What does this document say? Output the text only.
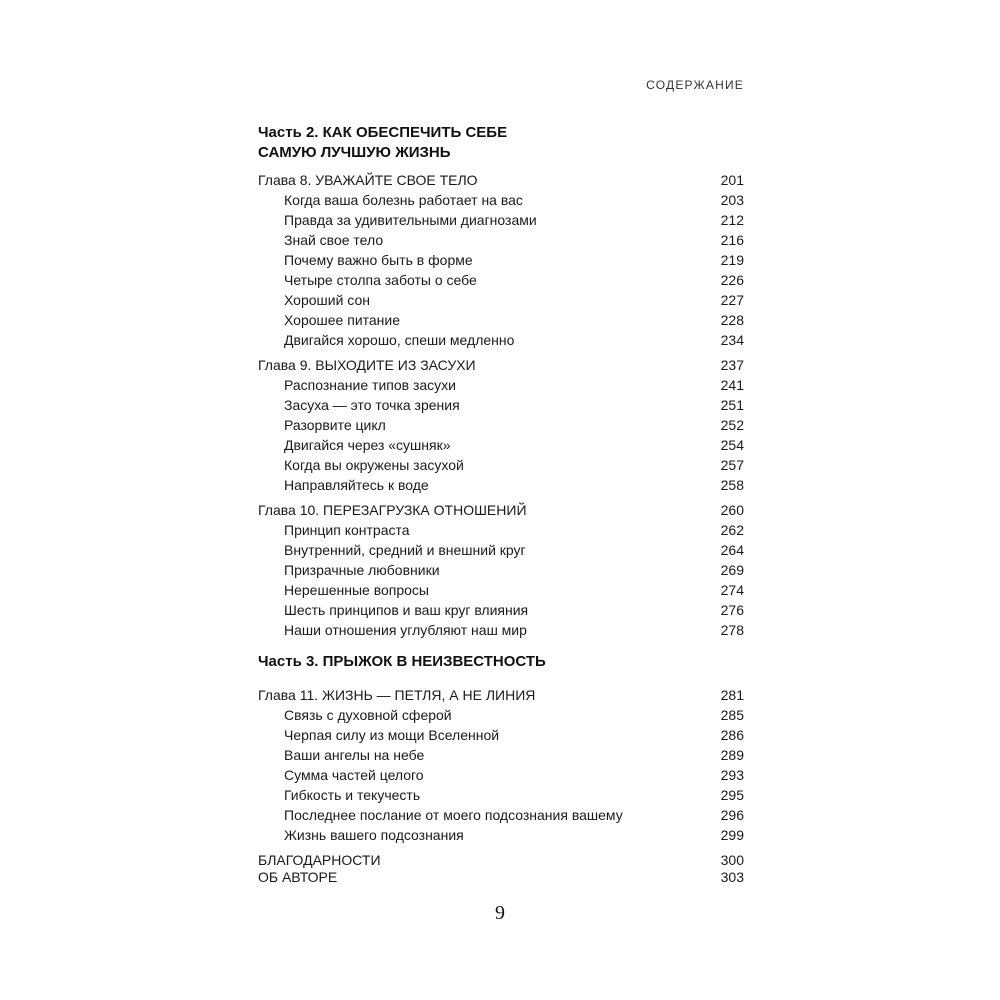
СОДЕРЖАНИЕ
Часть 2. КАК ОБЕСПЕЧИТЬ СЕБЕ
САМУЮ ЛУЧШУЮ ЖИЗНЬ
Часть 3. ПРЫЖОК В НЕИЗВЕСТНОСТЬ
Глава 8. УВАЖАЙТЕ СВОЕ ТЕЛО	201
Когда ваша болезнь работает на вас	203
Правда за удивительными диагнозами	212
Знай свое тело	216
Почему важно быть в форме	219
Четыре столпа заботы о себе	226
Хороший сон	227
Хорошее питание	228
Двигайся хорошо, спеши медленно	234
Глава 9. ВЫХОДИТЕ ИЗ ЗАСУХИ	237
Распознание типов засухи	241
Засуха — это точка зрения	251
Разорвите цикл	252
Двигайся через «сушняк»	254
Когда вы окружены засухой	257
Направляйтесь к воде	258
Глава 10. ПЕРЕЗАГРУЗКА ОТНОШЕНИЙ	260
Принцип контраста	262
Внутренний, средний и внешний круг	264
Призрачные любовники	269
Нерешенные вопросы	274
Шесть принципов и ваш круг влияния	276
Наши отношения углубляют наш мир	278
Глава 11. ЖИЗНЬ — ПЕТЛЯ, А НЕ ЛИНИЯ	281
Связь с духовной сферой	285
Черпая силу из мощи Вселенной	286
Ваши ангелы на небе	289
Сумма частей целого	293
Гибкость и текучесть	295
Последнее послание от моего подсознания вашему	296
Жизнь вашего подсознания	299
БЛАГОДАРНОСТИ	300
ОБ АВТОРЕ	303
9
